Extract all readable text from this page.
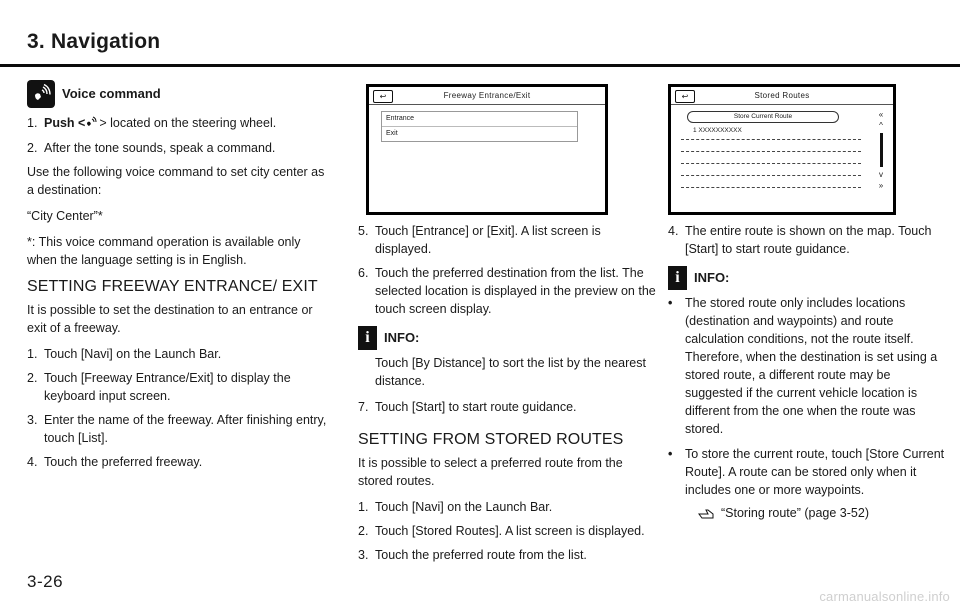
3. Navigation
Voice command
1. Push < > located on the steering wheel.
2. After the tone sounds, speak a command.

Use the following voice command to set city center as a destination:

“City Center”*

*: This voice command operation is available only when the language setting is in English.

SETTING FREEWAY ENTRANCE/ EXIT

It is possible to set the destination to an entrance or exit of a freeway.

1. Touch [Navi] on the Launch Bar.
2. Touch [Freeway Entrance/Exit] to display the keyboard input screen.
3. Enter the name of the freeway. After finishing entry, touch [List].
4. Touch the preferred freeway.
↩	Freeway Entrance/Exit
Entrance
Exit
5. Touch [Entrance] or [Exit]. A list screen is displayed.
6. Touch the preferred destination from the list. The selected location is displayed in the preview on the touch screen display.
i	INFO:

Touch [By Distance] to sort the list by the nearest distance.

7. Touch [Start] to start route guidance.
SETTING FROM STORED ROUTES

It is possible to select a preferred route from the stored routes.

1. Touch [Navi] on the Launch Bar.
2. Touch [Stored Routes]. A list screen is displayed.
3. Touch the preferred route from the list.
↩	Stored Routes
Store Current Route
1 XXXXXXXXXX
«
^
v
»
4. The entire route is shown on the map. Touch [Start] to start route guidance.
i	INFO:
•	The stored route only includes locations (destination and waypoints) and route calculation conditions, not the route itself. Therefore, when the destination is set using a stored route, a different route may be suggested if the current vehicle location is different from the one when the route was stored.
•	To store the current route, touch [Store Current Route]. A route can be stored only when it includes one or more waypoints.
“Storing route” (page 3-52)
3-26
carmanualsonline.info
